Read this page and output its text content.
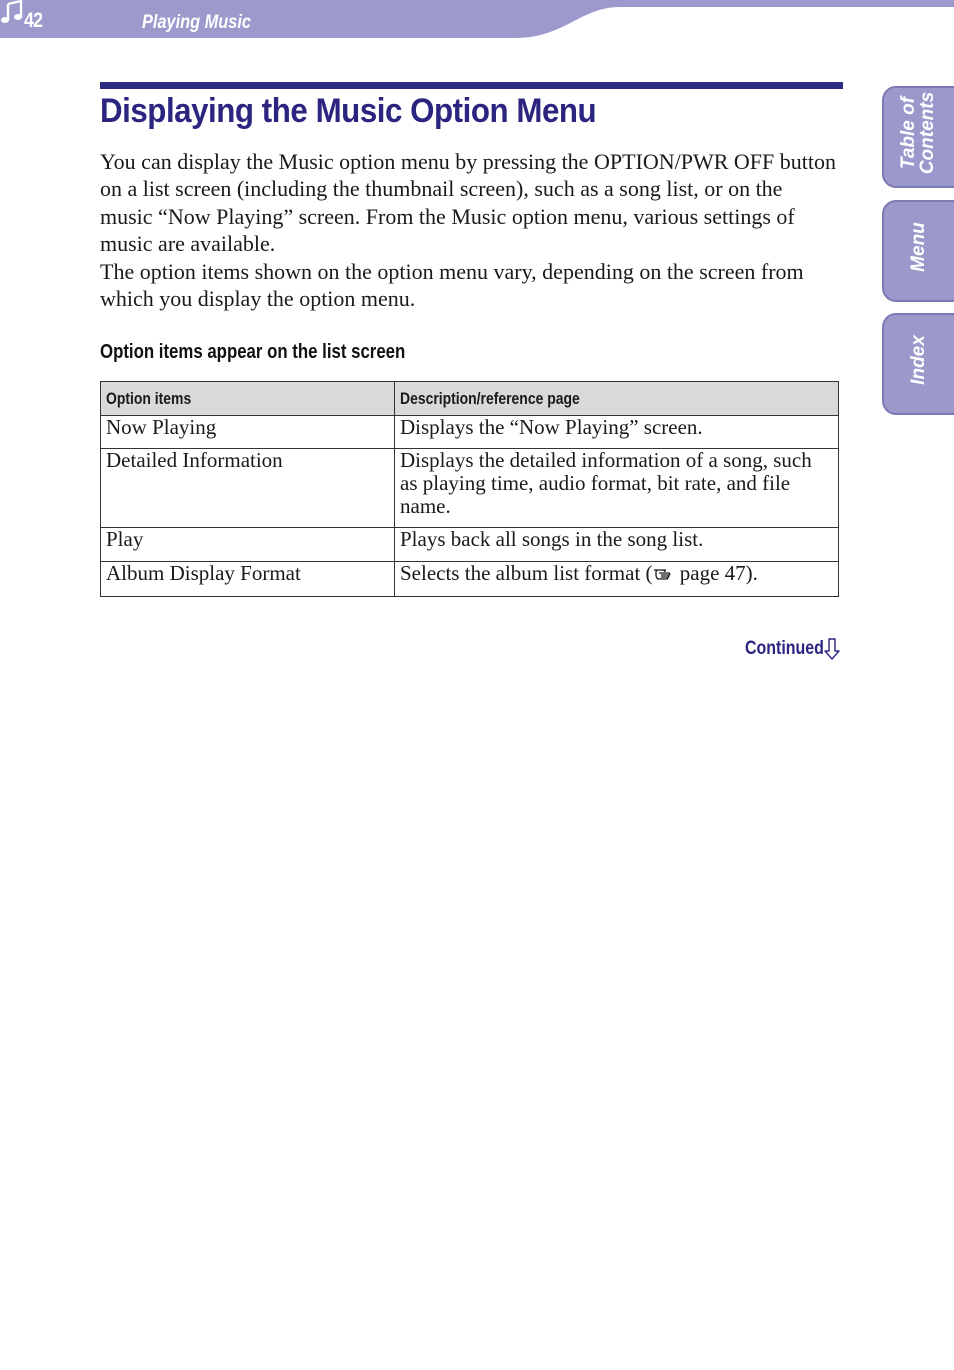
42	Playing Music
Table of
Contents
Menu
Index
Displaying the Music Option Menu

You can display the Music option menu by pressing the OPTION/PWR OFF button on a list screen (including the thumbnail screen), such as a song list, or on the music “Now Playing” screen. From the Music option menu, various settings of music are available.

The option items shown on the option menu vary, depending on the screen from which you display the option menu.

Option items appear on the list screen
Option items	Description/reference page
Now Playing	Displays the “Now Playing” screen.
Detailed Information	Displays the detailed information of a song, such as playing time, audio format, bit rate, and file name.
Play	Plays back all songs in the song list.
Album Display Format	Selects the album list format ( page 47).
Continued
